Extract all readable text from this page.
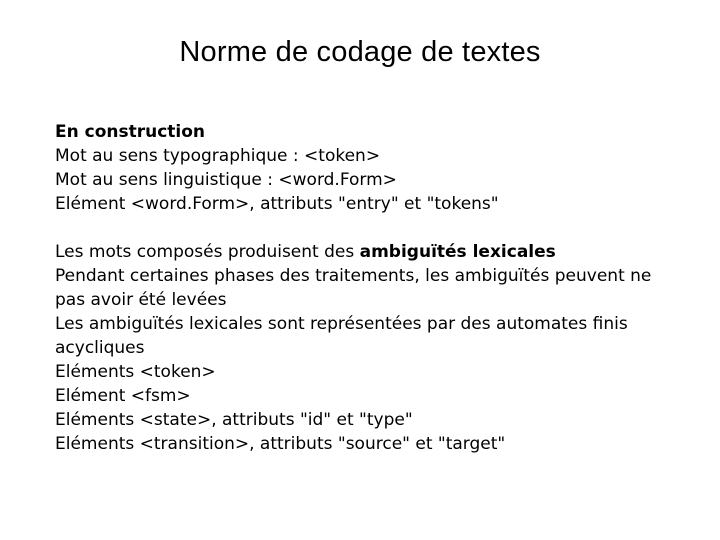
Norme de codage de textes
En construction
Mot au sens typographique : <token>
Mot au sens linguistique : <word.Form>
Elément <word.Form>, attributs "entry" et "tokens"
Les mots composés produisent des ambiguïtés lexicales
Pendant certaines phases des traitements, les ambiguïtés peuvent ne pas avoir été levées
Les ambiguïtés lexicales sont représentées par des automates finis acycliques
Eléments <token>
Elément <fsm>
Eléments <state>, attributs "id" et "type"
Eléments <transition>, attributs "source" et "target"
